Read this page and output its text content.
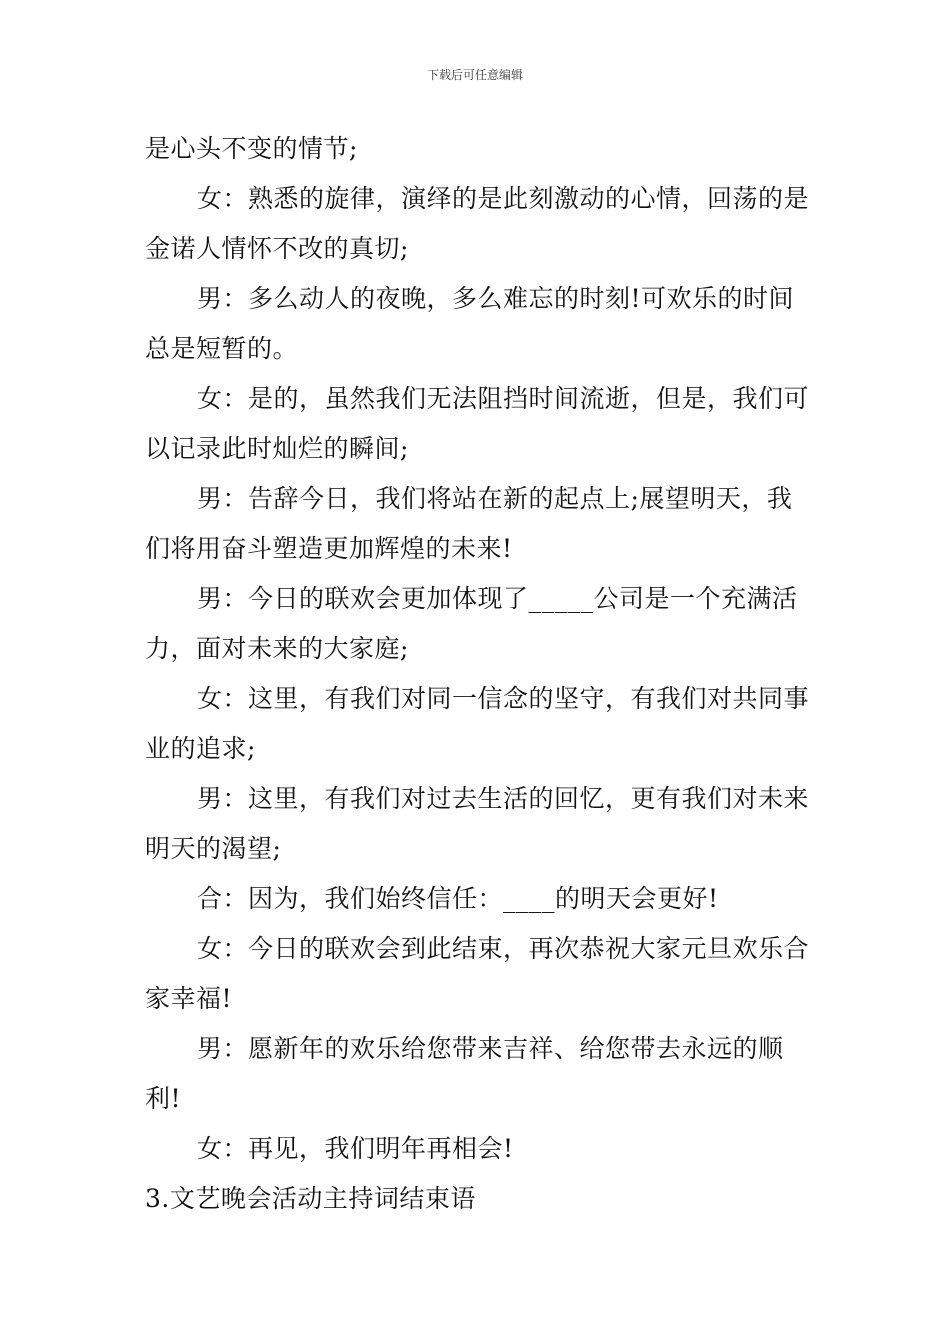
下载后可任意编辑

是心头不变的情节;

女：熟悉的旋律，演绎的是此刻激动的心情，回荡的是金诺人情怀不改的真切;

男：多么动人的夜晚，多么难忘的时刻!可欢乐的时间总是短暂的。

女：是的，虽然我们无法阻挡时间流逝，但是，我们可以记录此时灿烂的瞬间;

男：告辞今日，我们将站在新的起点上;展望明天，我们将用奋斗塑造更加辉煌的未来!

男：今日的联欢会更加体现了_____公司是一个充满活力，面对未来的大家庭;

女：这里，有我们对同一信念的坚守，有我们对共同事业的追求;

男：这里，有我们对过去生活的回忆，更有我们对未来明天的渴望;

合：因为，我们始终信任：____的明天会更好!

女：今日的联欢会到此结束，再次恭祝大家元旦欢乐合家幸福!

男：愿新年的欢乐给您带来吉祥、给您带去永远的顺利!

女：再见，我们明年再相会!

3.文艺晚会活动主持词结束语
